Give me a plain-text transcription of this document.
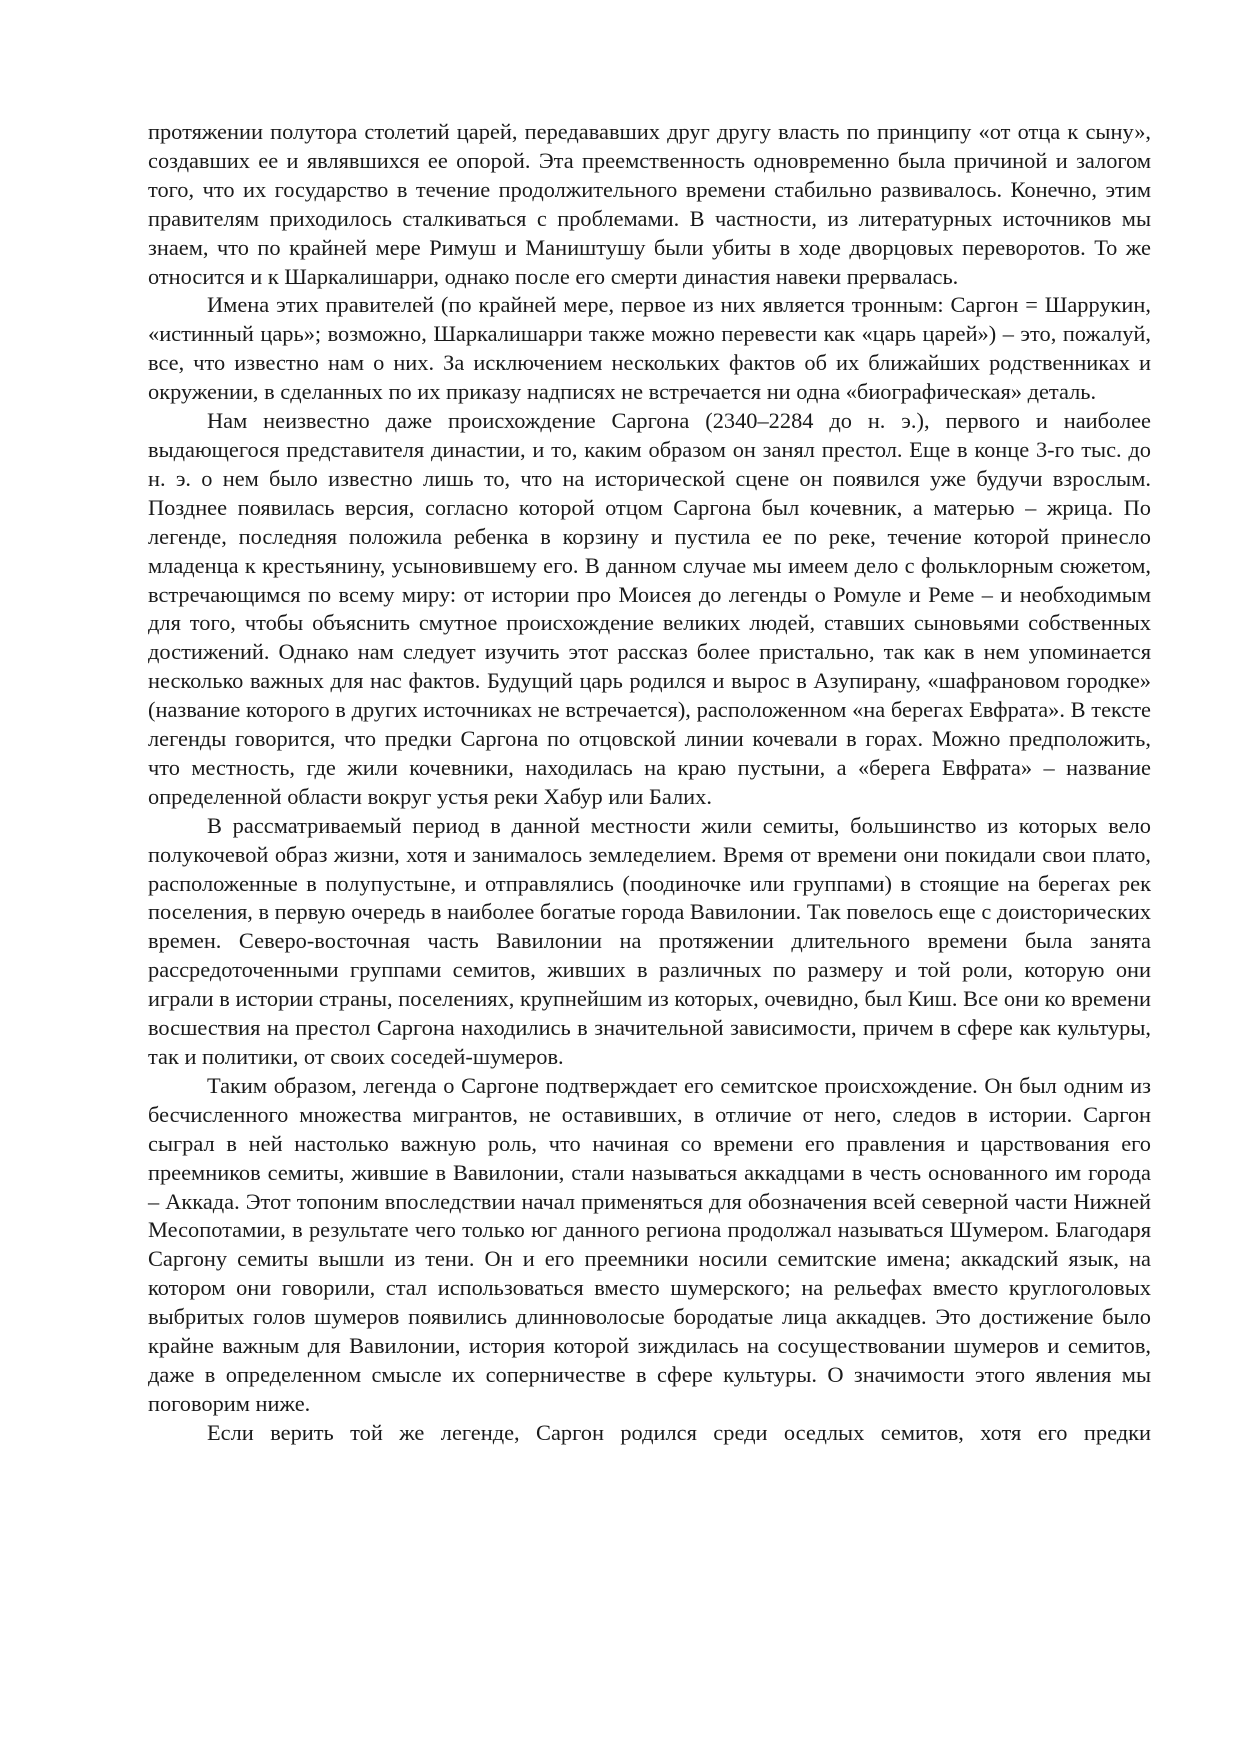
протяжении полутора столетий царей, передававших друг другу власть по принципу «от отца к сыну», создавших ее и являвшихся ее опорой. Эта преемственность одновременно была причиной и залогом того, что их государство в течение продолжительного времени стабильно развивалось. Конечно, этим правителям приходилось сталкиваться с проблемами. В частности, из литературных источников мы знаем, что по крайней мере Римуш и Маништушу были убиты в ходе дворцовых переворотов. То же относится и к Шаркалишарри, однако после его смерти династия навеки прервалась.

Имена этих правителей (по крайней мере, первое из них является тронным: Саргон = Шаррукин, «истинный царь»; возможно, Шаркалишарри также можно перевести как «царь царей») – это, пожалуй, все, что известно нам о них. За исключением нескольких фактов об их ближайших родственниках и окружении, в сделанных по их приказу надписях не встречается ни одна «биографическая» деталь.

Нам неизвестно даже происхождение Саргона (2340–2284 до н. э.), первого и наиболее выдающегося представителя династии, и то, каким образом он занял престол. Еще в конце 3-го тыс. до н. э. о нем было известно лишь то, что на исторической сцене он появился уже будучи взрослым. Позднее появилась версия, согласно которой отцом Саргона был кочевник, а матерью – жрица. По легенде, последняя положила ребенка в корзину и пустила ее по реке, течение которой принесло младенца к крестьянину, усыновившему его. В данном случае мы имеем дело с фольклорным сюжетом, встречающимся по всему миру: от истории про Моисея до легенды о Ромуле и Реме – и необходимым для того, чтобы объяснить смутное происхождение великих людей, ставших сыновьями собственных достижений. Однако нам следует изучить этот рассказ более пристально, так как в нем упоминается несколько важных для нас фактов. Будущий царь родился и вырос в Азупирану, «шафрановом городке» (название которого в других источниках не встречается), расположенном «на берегах Евфрата». В тексте легенды говорится, что предки Саргона по отцовской линии кочевали в горах. Можно предположить, что местность, где жили кочевники, находилась на краю пустыни, а «берега Евфрата» – название определенной области вокруг устья реки Хабур или Балих.

В рассматриваемый период в данной местности жили семиты, большинство из которых вело полукочевой образ жизни, хотя и занималось земледелием. Время от времени они покидали свои плато, расположенные в полупустыне, и отправлялись (поодиночке или группами) в стоящие на берегах рек поселения, в первую очередь в наиболее богатые города Вавилонии. Так повелось еще с доисторических времен. Северо-восточная часть Вавилонии на протяжении длительного времени была занята рассредоточенными группами семитов, живших в различных по размеру и той роли, которую они играли в истории страны, поселениях, крупнейшим из которых, очевидно, был Киш. Все они ко времени восшествия на престол Саргона находились в значительной зависимости, причем в сфере как культуры, так и политики, от своих соседей-шумеров.

Таким образом, легенда о Саргоне подтверждает его семитское происхождение. Он был одним из бесчисленного множества мигрантов, не оставивших, в отличие от него, следов в истории. Саргон сыграл в ней настолько важную роль, что начиная со времени его правления и царствования его преемников семиты, жившие в Вавилонии, стали называться аккадцами в честь основанного им города – Аккада. Этот топоним впоследствии начал применяться для обозначения всей северной части Нижней Месопотамии, в результате чего только юг данного региона продолжал называться Шумером. Благодаря Саргону семиты вышли из тени. Он и его преемники носили семитские имена; аккадский язык, на котором они говорили, стал использоваться вместо шумерского; на рельефах вместо круглоголовых выбритых голов шумеров появились длинноволосые бородатые лица аккадцев. Это достижение было крайне важным для Вавилонии, история которой зиждилась на сосуществовании шумеров и семитов, даже в определенном смысле их соперничестве в сфере культуры. О значимости этого явления мы поговорим ниже.

Если верить той же легенде, Саргон родился среди оседлых семитов, хотя его предки
